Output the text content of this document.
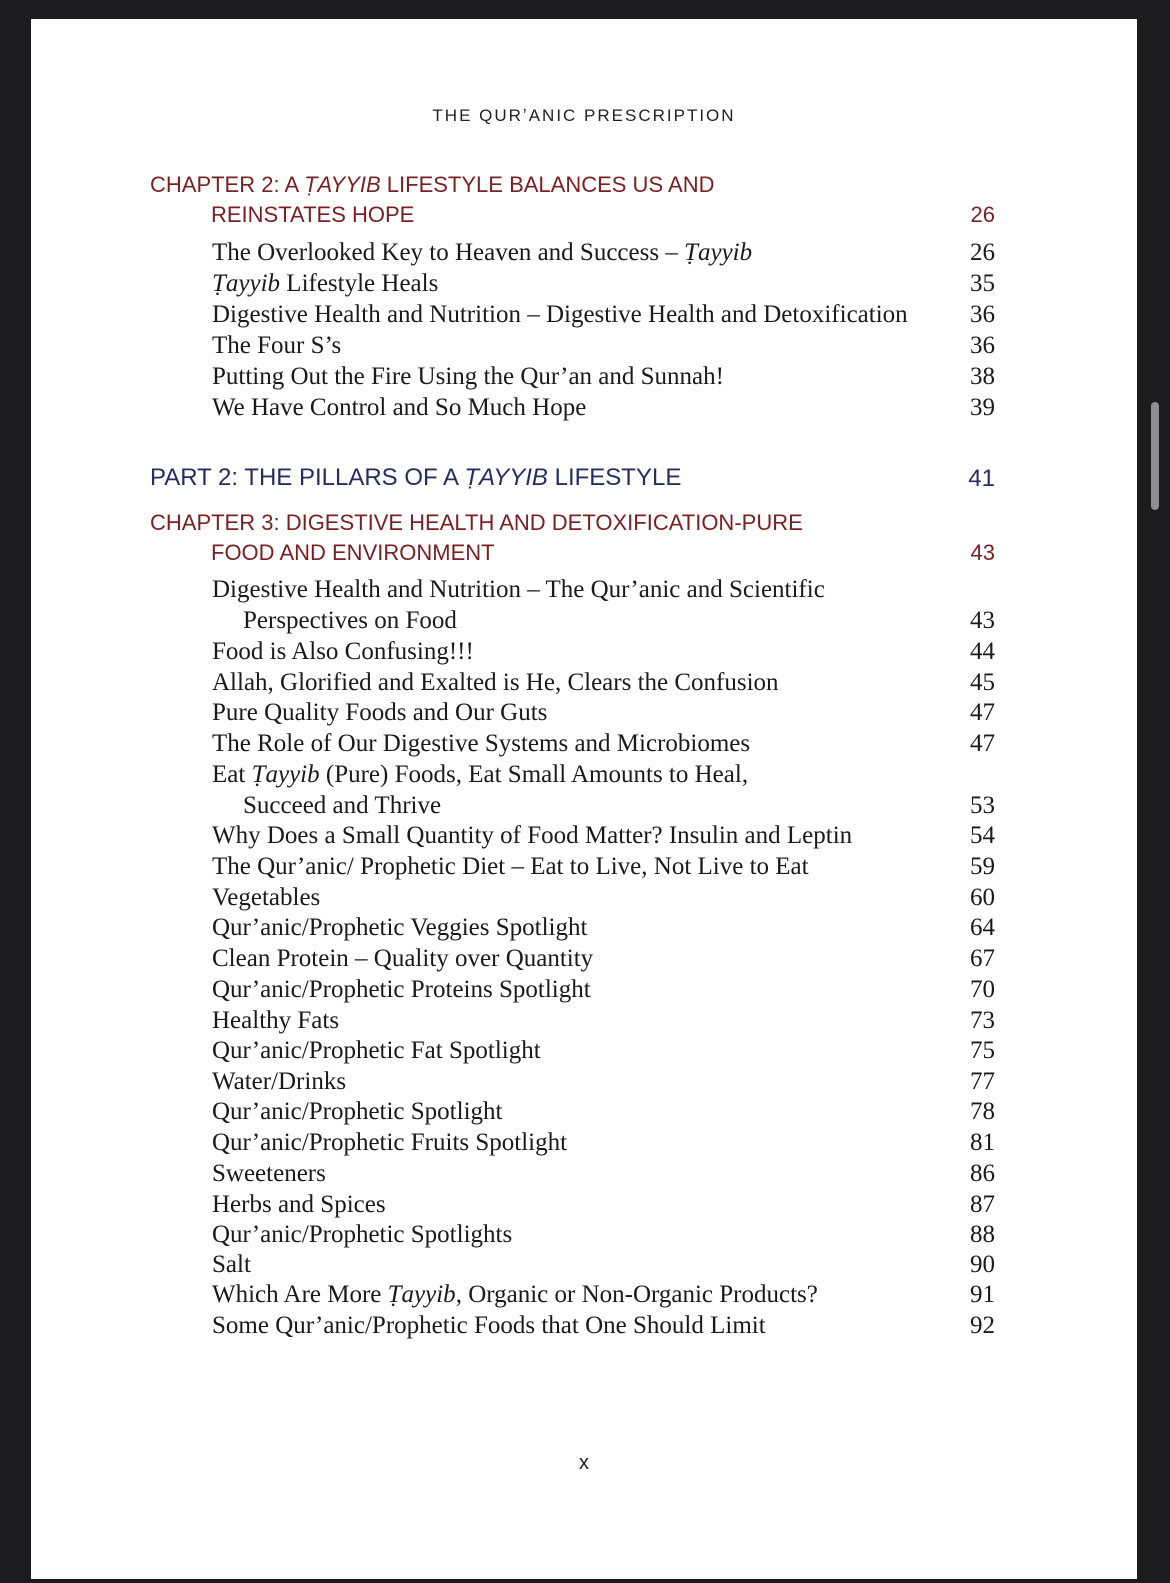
THE QURʼANIC PRESCRIPTION
CHAPTER 2: A ṬAYYIB LIFESTYLE BALANCES US AND
REINSTATES HOPE	26
The Overlooked Key to Heaven and Success – Ṭayyib	26
Ṭayyib Lifestyle Heals	35
Digestive Health and Nutrition – Digestive Health and Detoxification 36
The Four S’s	36
Putting Out the Fire Using the Qur’an and Sunnah!	38
We Have Control and So Much Hope	39
PART 2: THE PILLARS OF A ṬAYYIB LIFESTYLE	41
CHAPTER 3: DIGESTIVE HEALTH AND DETOXIFICATION-PURE
FOOD AND ENVIRONMENT	43
Digestive Health and Nutrition – The Qur’anic and Scientific
Perspectives on Food	43
Food is Also Confusing!!!	44
Allah, Glorified and Exalted is He, Clears the Confusion	45
Pure Quality Foods and Our Guts	47
The Role of Our Digestive Systems and Microbiomes	47
Eat Ṭayyib (Pure) Foods, Eat Small Amounts to Heal,
Succeed and Thrive	53
Why Does a Small Quantity of Food Matter? Insulin and Leptin	54
The Qur’anic/ Prophetic Diet – Eat to Live, Not Live to Eat	59
Vegetables	60
Qur’anic/Prophetic Veggies Spotlight	64
Clean Protein – Quality over Quantity	67
Qur’anic/Prophetic Proteins Spotlight	70
Healthy Fats	73
Qur’anic/Prophetic Fat Spotlight	75
Water/Drinks	77
Qur’anic/Prophetic Spotlight	78
Qur’anic/Prophetic Fruits Spotlight	81
Sweeteners	86
Herbs and Spices	87
Qur’anic/Prophetic Spotlights	88
Salt	90
Which Are More Ṭayyib, Organic or Non-Organic Products?	91
Some Qur’anic/Prophetic Foods that One Should Limit	92
x
